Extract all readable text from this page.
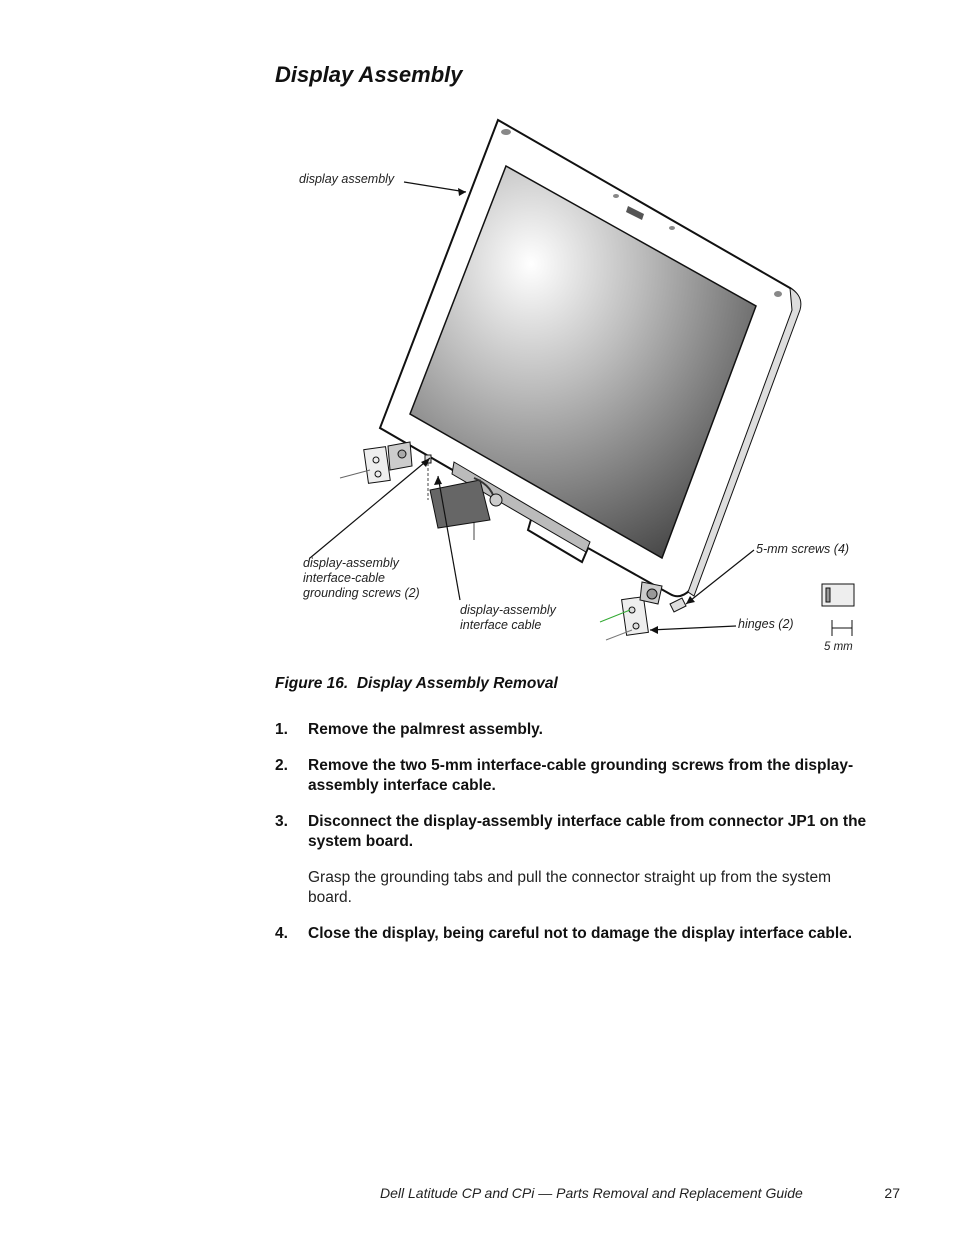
Display Assembly
display assembly
display-assembly
interface-cable
grounding screws (2)
display-assembly
interface cable
5-mm screws (4)
hinges (2)
5 mm
Figure 16.  Display Assembly Removal
1. Remove the palmrest assembly.
2. Remove the two 5-mm interface-cable grounding screws from the display-assembly interface cable.
3. Disconnect the display-assembly interface cable from connector JP1 on the system board.
Grasp the grounding tabs and pull the connector straight up from the system board.
4. Close the display, being careful not to damage the display interface cable.
Dell Latitude CP and CPi — Parts Removal and Replacement Guide	27
